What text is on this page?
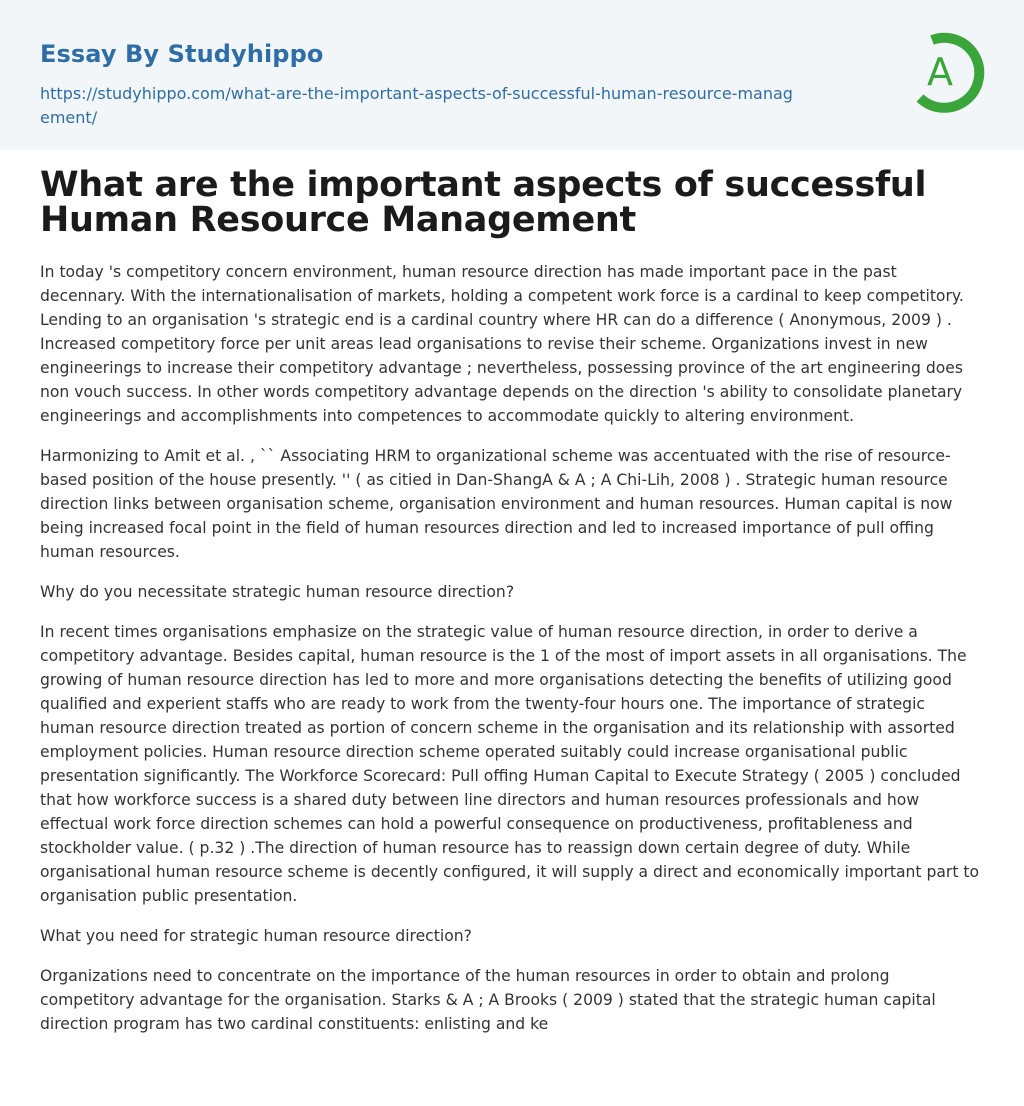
Essay By Studyhippo
https://studyhippo.com/what-are-the-important-aspects-of-successful-human-resource-management/
A
What are the important aspects of successful Human Resource Management

In today 's competitory concern environment, human resource direction has made important pace in the past decennary. With the internationalisation of markets, holding a competent work force is a cardinal to keep competitory. Lending to an organisation 's strategic end is a cardinal country where HR can do a difference ( Anonymous, 2009 ) . Increased competitory force per unit areas lead organisations to revise their scheme. Organizations invest in new engineerings to increase their competitory advantage ; nevertheless, possessing province of the art engineering does non vouch success. In other words competitory advantage depends on the direction 's ability to consolidate planetary engineerings and accomplishments into competences to accommodate quickly to altering environment.

Harmonizing to Amit et al. , `` Associating HRM to organizational scheme was accentuated with the rise of resource-based position of the house presently. '' ( as citied in Dan-ShangA & A ; A Chi-Lih, 2008 ) . Strategic human resource direction links between organisation scheme, organisation environment and human resources. Human capital is now being increased focal point in the field of human resources direction and led to increased importance of pull offing human resources.

Why do you necessitate strategic human resource direction?

In recent times organisations emphasize on the strategic value of human resource direction, in order to derive a competitory advantage. Besides capital, human resource is the 1 of the most of import assets in all organisations. The growing of human resource direction has led to more and more organisations detecting the benefits of utilizing good qualified and experient staffs who are ready to work from the twenty-four hours one. The importance of strategic human resource direction treated as portion of concern scheme in the organisation and its relationship with assorted employment policies. Human resource direction scheme operated suitably could increase organisational public presentation significantly. The Workforce Scorecard: Pull offing Human Capital to Execute Strategy ( 2005 ) concluded that how workforce success is a shared duty between line directors and human resources professionals and how effectual work force direction schemes can hold a powerful consequence on productiveness, profitableness and stockholder value. ( p.32 ) .The direction of human resource has to reassign down certain degree of duty. While organisational human resource scheme is decently configured, it will supply a direct and economically important part to organisation public presentation.

What you need for strategic human resource direction?

Organizations need to concentrate on the importance of the human resources in order to obtain and prolong competitory advantage for the organisation. Starks & A ; A Brooks ( 2009 ) stated that the strategic human capital direction program has two cardinal constituents: enlisting and ke
